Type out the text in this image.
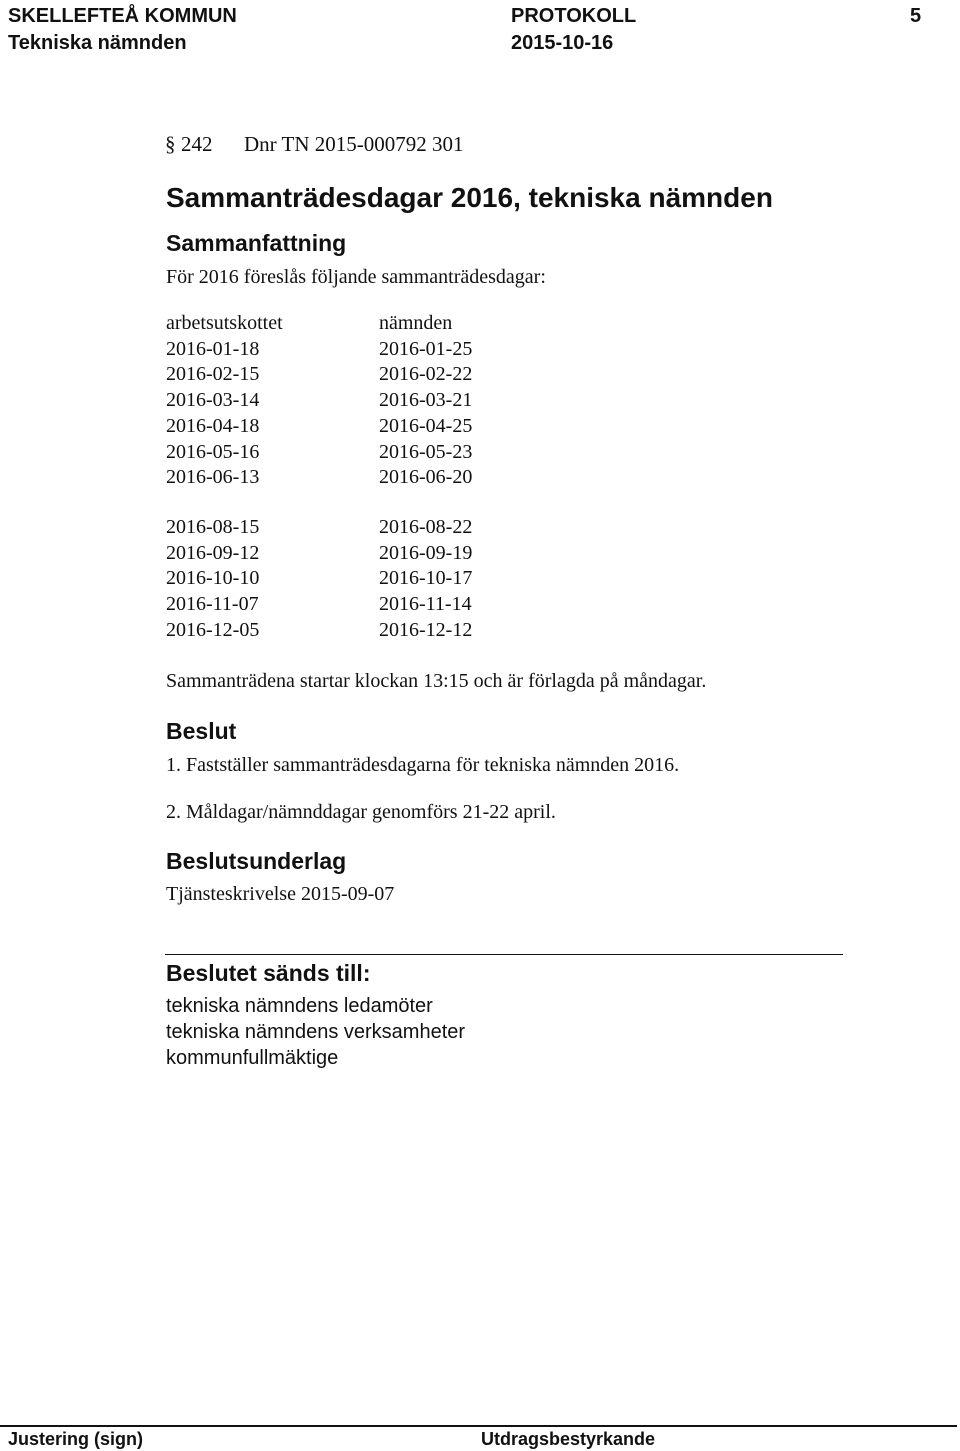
SKELLEFTEÅ KOMMUN
Tekniska nämnden
PROTOKOLL
2015-10-16
5
§ 242 Dnr TN 2015-000792 301
Sammanträdesdagar 2016, tekniska nämnden
Sammanfattning
För 2016 föreslås följande sammanträdesdagar:
arbetsutskottet	nämnden
2016-01-18	2016-01-25
2016-02-15	2016-02-22
2016-03-14	2016-03-21
2016-04-18	2016-04-25
2016-05-16	2016-05-23
2016-06-13	2016-06-20
2016-08-15	2016-08-22
2016-09-12	2016-09-19
2016-10-10	2016-10-17
2016-11-07	2016-11-14
2016-12-05	2016-12-12
Sammanträdena startar klockan 13:15 och är förlagda på måndagar.
Beslut
1. Fastställer sammanträdesdagarna för tekniska nämnden 2016.
2. Måldagar/nämnddagar genomförs 21-22 april.
Beslutsunderlag
Tjänsteskrivelse 2015-09-07
Beslutet sänds till:
tekniska nämndens ledamöter
tekniska nämndens verksamheter
kommunfullmäktige
Justering (sign)	Utdragsbestyrkande
